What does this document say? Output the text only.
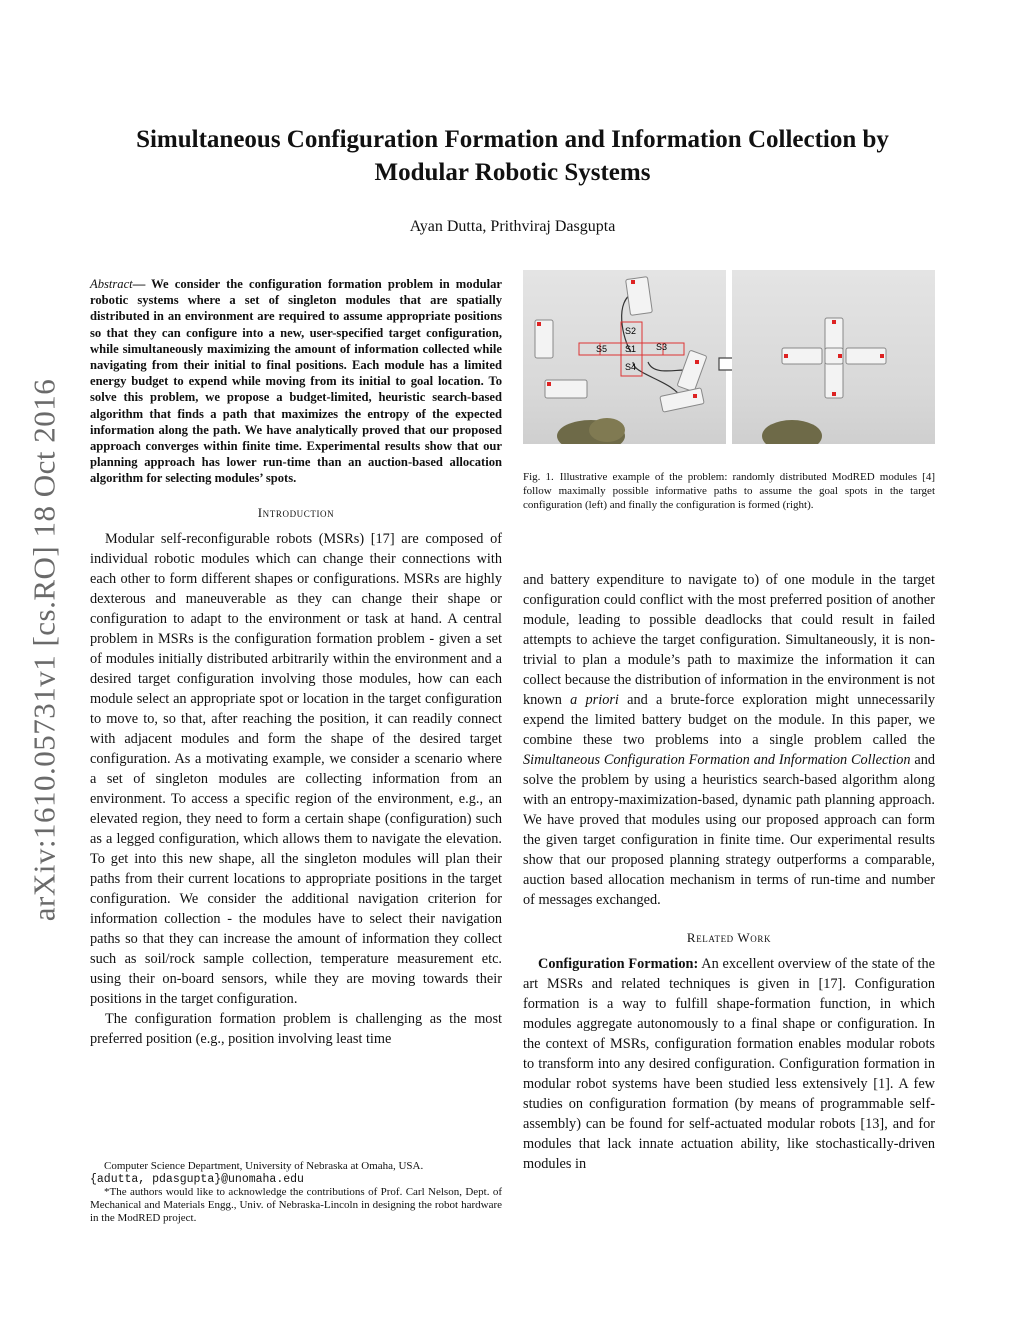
arXiv:1610.05731v1 [cs.RO] 18 Oct 2016
Simultaneous Configuration Formation and Information Collection by Modular Robotic Systems
Ayan Dutta, Prithviraj Dasgupta

Abstract— We consider the configuration formation problem in modular robotic systems where a set of singleton modules that are spatially distributed in an environment are required to assume appropriate positions so that they can configure into a new, user-specified target configuration, while simultaneously maximizing the amount of information collected while navigating from their initial to final positions. Each module has a limited energy budget to expend while moving from its initial to goal location. To solve this problem, we propose a budget-limited, heuristic search-based algorithm that finds a path that maximizes the entropy of the expected information along the path. We have analytically proved that our proposed approach converges within finite time. Experimental results show that our planning approach has lower run-time than an auction-based allocation algorithm for selecting modules’ spots.

Introduction

Modular self-reconfigurable robots (MSRs) [17] are composed of individual robotic modules which can change their connections with each other to form different shapes or configurations. MSRs are highly dexterous and maneuverable as they can change their shape or configuration to adapt to the environment or task at hand. A central problem in MSRs is the configuration formation problem - given a set of modules initially distributed arbitrarily within the environment and a desired target configuration involving those modules, how can each module select an appropriate spot or location in the target configuration to move to, so that, after reaching the position, it can readily connect with adjacent modules and form the shape of the desired target configuration. As a motivating example, we consider a scenario where a set of singleton modules are collecting information from an environment. To access a specific region of the environment, e.g., an elevated region, they need to form a certain shape (configuration) such as a legged configuration, which allows them to navigate the elevation. To get into this new shape, all the singleton modules will plan their paths from their current locations to appropriate positions in the target configuration. We consider the additional navigation criterion for information collection - the modules have to select their navigation paths so that they can increase the amount of information they collect such as soil/rock sample collection, temperature measurement etc. using their on-board sensors, while they are moving towards their positions in the target configuration.

The configuration formation problem is challenging as the most preferred position (e.g., position involving least time

Computer Science Department, University of Nebraska at Omaha, USA.

{adutta, pdasgupta}@unomaha.edu

*The authors would like to acknowledge the contributions of Prof. Carl Nelson, Dept. of Mechanical and Materials Engg., Univ. of Nebraska-Lincoln in designing the robot hardware in the ModRED project.

S2
S1
S5	S3
S4
Fig. 1. Illustrative example of the problem: randomly distributed ModRED modules [4] follow maximally possible informative paths to assume the goal spots in the target configuration (left) and finally the configuration is formed (right).

and battery expenditure to navigate to) of one module in the target configuration could conflict with the most preferred position of another module, leading to possible deadlocks that could result in failed attempts to achieve the target configuration. Simultaneously, it is non-trivial to plan a module’s path to maximize the information it can collect because the distribution of information in the environment is not known a priori and a brute-force exploration might unnecessarily expend the limited battery budget on the module. In this paper, we combine these two problems into a single problem called the Simultaneous Configuration Formation and Information Collection and solve the problem by using a heuristics search-based algorithm along with an entropy-maximization-based, dynamic path planning approach. We have proved that modules using our proposed approach can form the given target configuration in finite time. Our experimental results show that our proposed planning strategy outperforms a comparable, auction based allocation mechanism in terms of run-time and number of messages exchanged.

Related Work

Configuration Formation: An excellent overview of the state of the art MSRs and related techniques is given in [17]. Configuration formation is a way to fulfill shape-formation function, in which modules aggregate autonomously to a final shape or configuration. In the context of MSRs, configuration formation enables modular robots to transform into any desired configuration. Configuration formation in modular robot systems have been studied less extensively [1]. A few studies on configuration formation (by means of programmable self-assembly) can be found for self-actuated modular robots [13], and for modules that lack innate actuation ability, like stochastically-driven modules in
